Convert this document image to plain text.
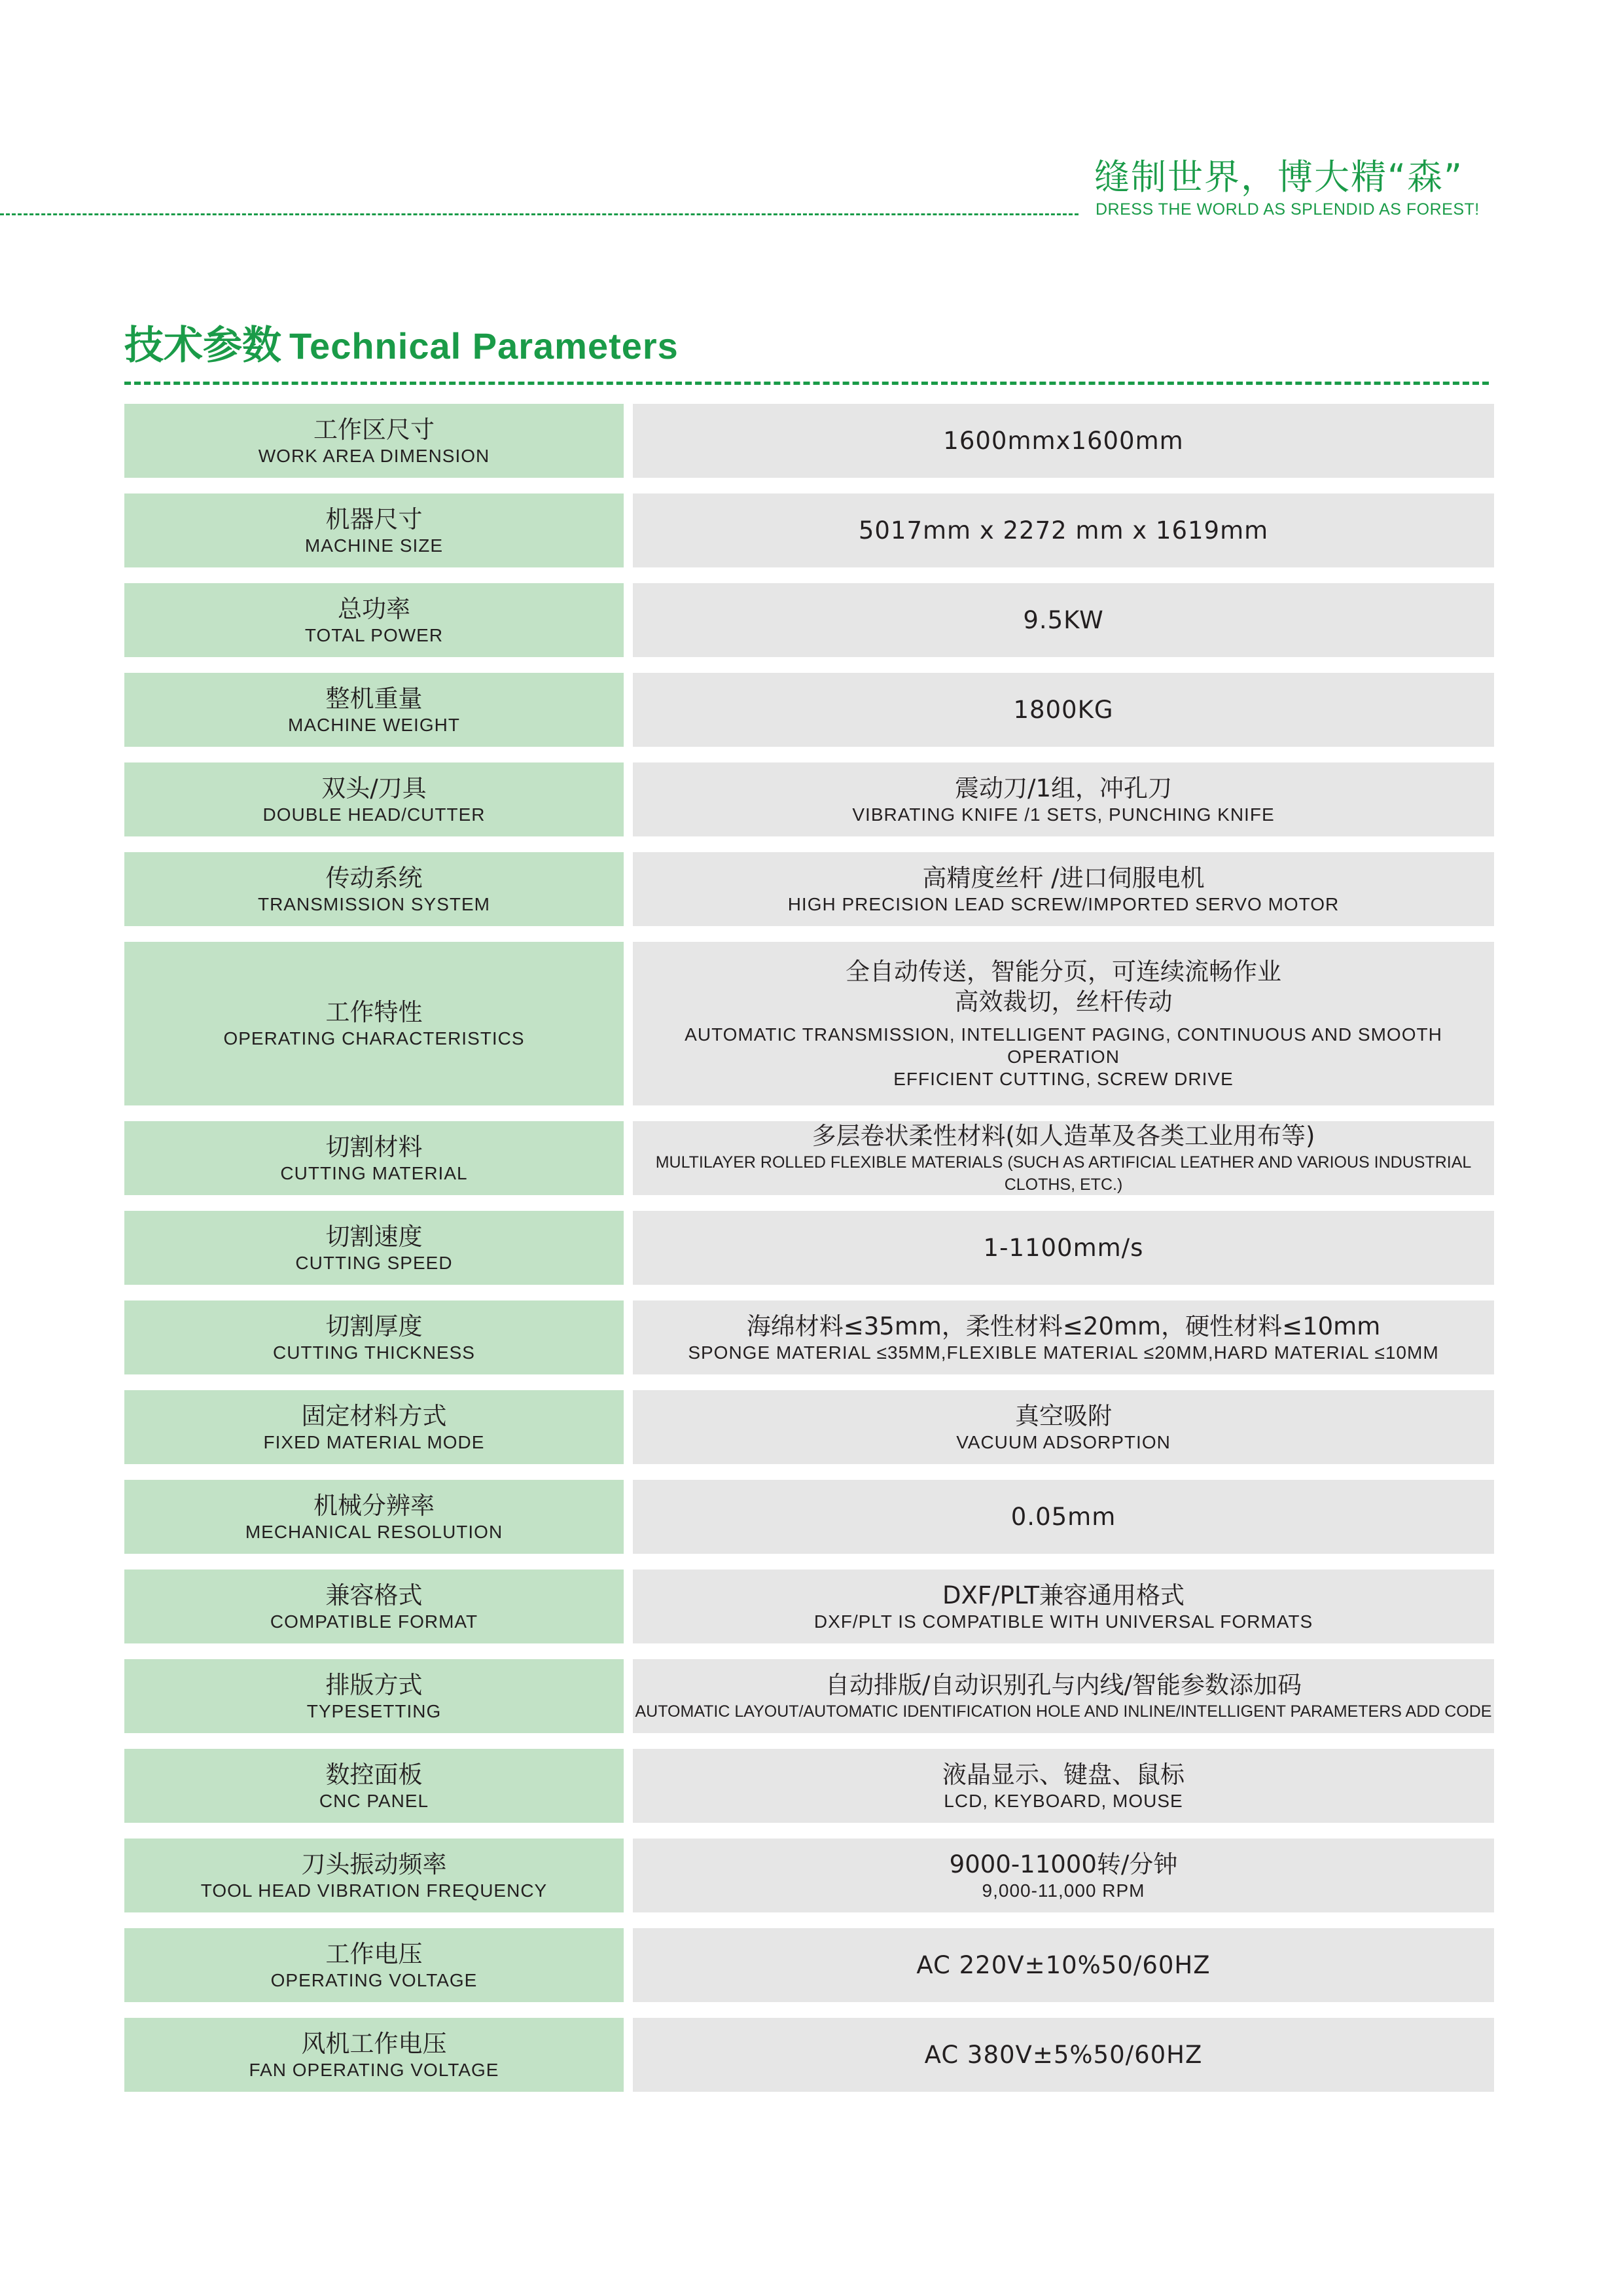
缝制世界，博大精“森”
DRESS THE WORLD AS SPLENDID AS FOREST!
技术参数 Technical Parameters
工作区尺寸
WORK AREA DIMENSION
1600mmx1600mm
机器尺寸
MACHINE SIZE
5017mm x 2272 mm x 1619mm
总功率
TOTAL POWER
9.5KW
整机重量
MACHINE WEIGHT
1800KG
双头/刀具
DOUBLE HEAD/CUTTER
震动刀/1组，冲孔刀
VIBRATING KNIFE /1 SETS, PUNCHING KNIFE
传动系统
TRANSMISSION SYSTEM
高精度丝杆 /进口伺服电机
HIGH PRECISION LEAD SCREW/IMPORTED SERVO MOTOR
工作特性
OPERATING CHARACTERISTICS
全自动传送，智能分页，可连续流畅作业
高效裁切，丝杆传动
AUTOMATIC TRANSMISSION, INTELLIGENT PAGING, CONTINUOUS AND SMOOTH OPERATION
EFFICIENT CUTTING, SCREW DRIVE
切割材料
CUTTING MATERIAL
多层卷状柔性材料(如人造革及各类工业用布等)
MULTILAYER ROLLED FLEXIBLE MATERIALS (SUCH AS ARTIFICIAL LEATHER AND VARIOUS INDUSTRIAL CLOTHS, ETC.)
切割速度
CUTTING SPEED
1-1100mm/s
切割厚度
CUTTING THICKNESS
海绵材料≤35mm，柔性材料≤20mm，硬性材料≤10mm
SPONGE MATERIAL ≤35MM,FLEXIBLE MATERIAL ≤20MM,HARD MATERIAL ≤10MM
固定材料方式
FIXED MATERIAL MODE
真空吸附
VACUUM ADSORPTION
机械分辨率
MECHANICAL RESOLUTION
0.05mm
兼容格式
COMPATIBLE FORMAT
DXF/PLT兼容通用格式
DXF/PLT IS COMPATIBLE WITH UNIVERSAL FORMATS
排版方式
TYPESETTING
自动排版/自动识别孔与内线/智能参数添加码
AUTOMATIC LAYOUT/AUTOMATIC IDENTIFICATION HOLE AND INLINE/INTELLIGENT PARAMETERS ADD CODE
数控面板
CNC PANEL
液晶显示、键盘、鼠标
LCD, KEYBOARD, MOUSE
刀头振动频率
TOOL HEAD VIBRATION FREQUENCY
9000-11000转/分钟
9,000-11,000 RPM
工作电压
OPERATING VOLTAGE
AC 220V±10%50/60HZ
风机工作电压
FAN OPERATING VOLTAGE
AC 380V±5%50/60HZ
